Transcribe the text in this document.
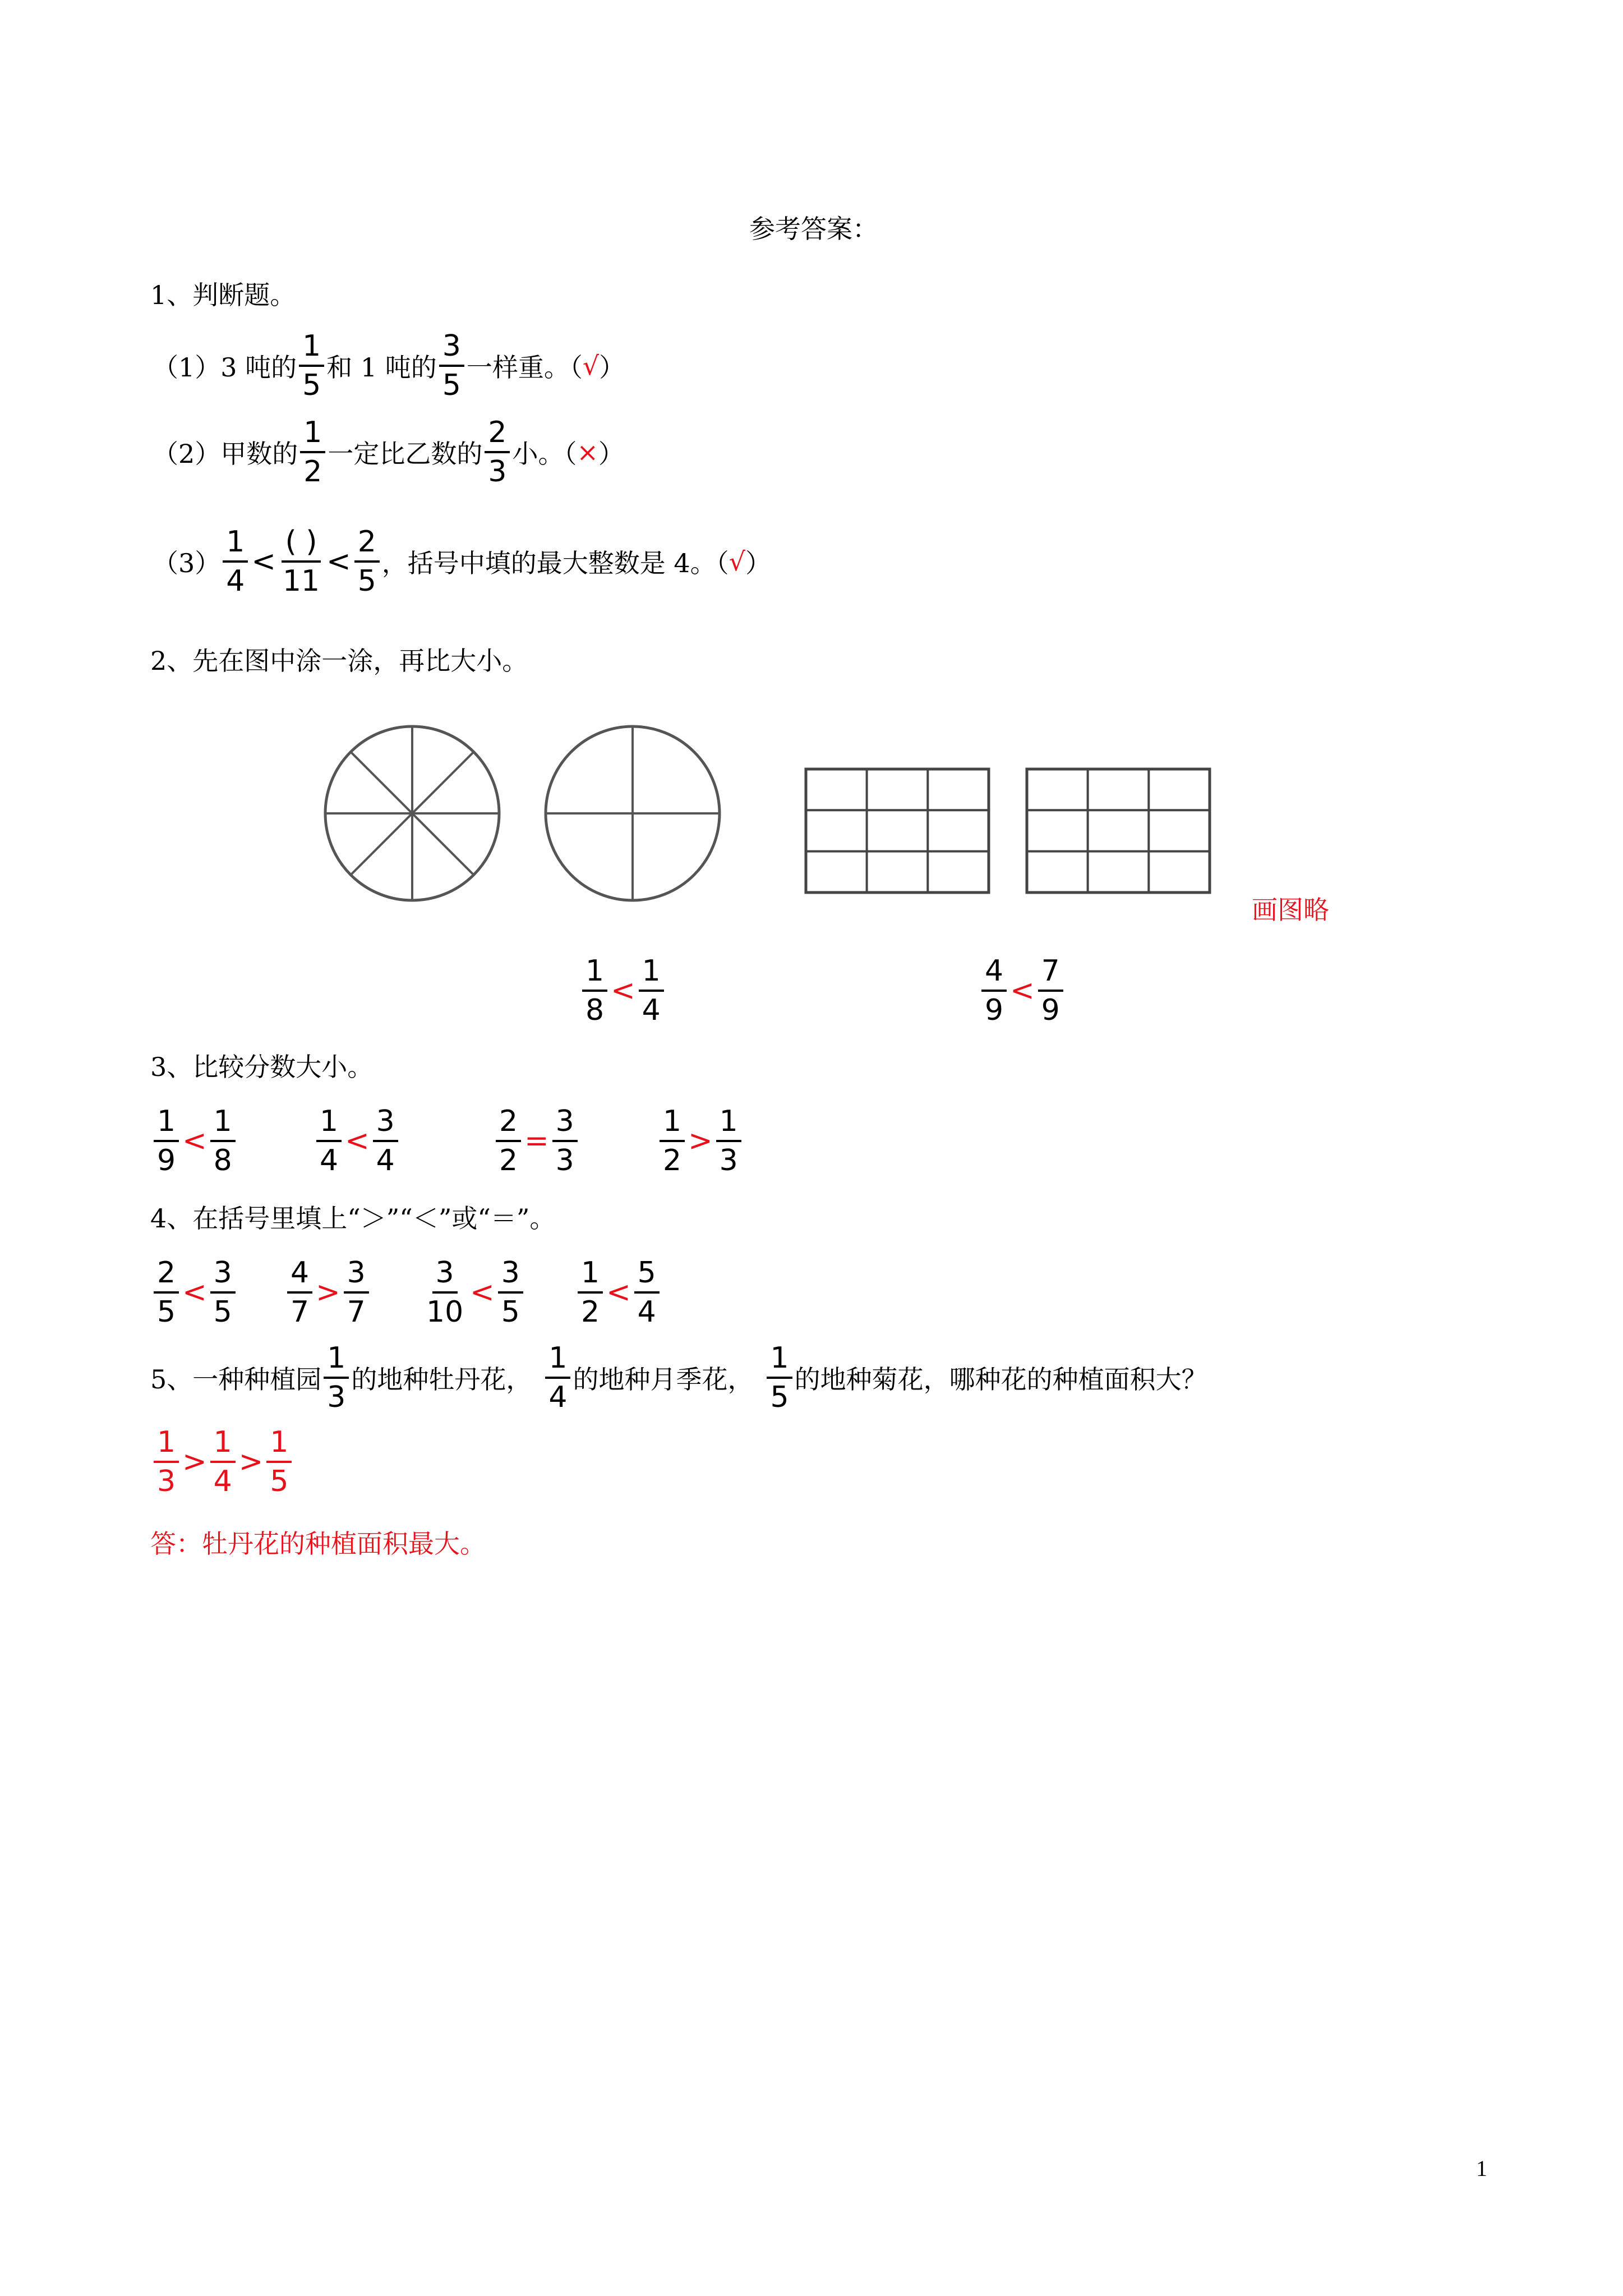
参考答案：
1、判断题。
（1）3 吨的 $\frac{1}{5}$ 和 1 吨的 $\frac{3}{5}$ 一样重。（ √ ）
（2）甲数的 $\frac{1}{2}$ 一定比乙数的 $\frac{2}{3}$ 小。（ × ）
$(3) \frac{1}{4} < \frac{( )}{11} < \frac{2}{5}$ ，括号中填的最大整数是 4。（ √ ）
2、先在图中涂一涂，再比大小。
画图略
$\frac{1}{8} < \frac{1}{4}$	$\frac{4}{9} < \frac{7}{9}$
3、比较分数大小。
$\frac{1}{9} < \frac{1}{8}$	$\frac{1}{4} < \frac{3}{4}$	$\frac{2}{2} = \frac{3}{3}$	$\frac{1}{2} > \frac{1}{3}$
4、在括号里填上“＞”“＜”或“＝”。
$\frac{2}{5} < \frac{3}{5} \frac{4}{7} > \frac{3}{7} \frac{3}{10} < \frac{3}{5} \frac{1}{2} < \frac{5}{4}$
5、一种种植园 $\frac{1}{3}$ 的地种牡丹花， $\frac{1}{4}$ 的地种月季花， $\frac{1}{5}$ 的地种菊花，哪种花的种植面积大？
$\frac{1}{3} > \frac{1}{4} > \frac{1}{5}$
答：牡丹花的种植面积最大。
1
